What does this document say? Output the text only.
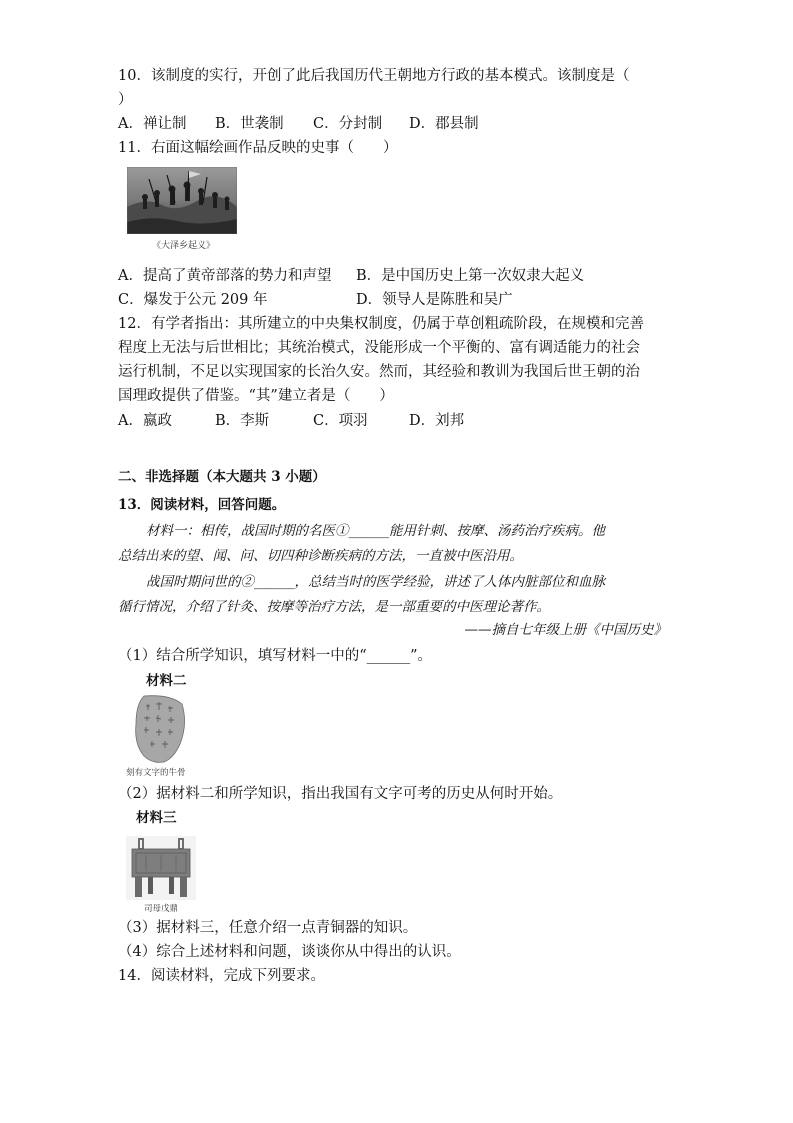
10．该制度的实行，开创了此后我国历代王朝地方行政的基本模式。该制度是（
）
A．禅让制 B．世袭制 C．分封制 D．郡县制
11．右面这幅绘画作品反映的史事（　　）
《大泽乡起义》
A．提高了黄帝部落的势力和声望 B．是中国历史上第一次奴隶大起义
C．爆发于公元 209 年	D．领导人是陈胜和吴广
12．有学者指出：其所建立的中央集权制度，仍属于草创粗疏阶段，在规模和完善
程度上无法与后世相比；其统治模式，没能形成一个平衡的、富有调适能力的社会
运行机制，不足以实现国家的长治久安。然而，其经验和教训为我国后世王朝的治
国理政提供了借鉴。“其”建立者是（　　）
A．嬴政	B．李斯	C．项羽	D．刘邦
二、非选择题（本大题共 3 小题）
13．阅读材料，回答问题。
材料一：相传，战国时期的名医①______能用针刺、按摩、汤药治疗疾病。他
总结出来的望、闻、问、切四种诊断疾病的方法，一直被中医沿用。
战国时期问世的②______，总结当时的医学经验，讲述了人体内脏部位和血脉
循行情况，介绍了针灸、按摩等治疗方法，是一部重要的中医理论著作。
——摘自七年级上册《中国历史》
（1）结合所学知识，填写材料一中的“______”。
材料二
刻有文字的牛骨
（2）据材料二和所学知识，指出我国有文字可考的历史从何时开始。
材料三
司母戊鼎
（3）据材料三，任意介绍一点青铜器的知识。
（4）综合上述材料和问题，谈谈你从中得出的认识。
14．阅读材料，完成下列要求。
